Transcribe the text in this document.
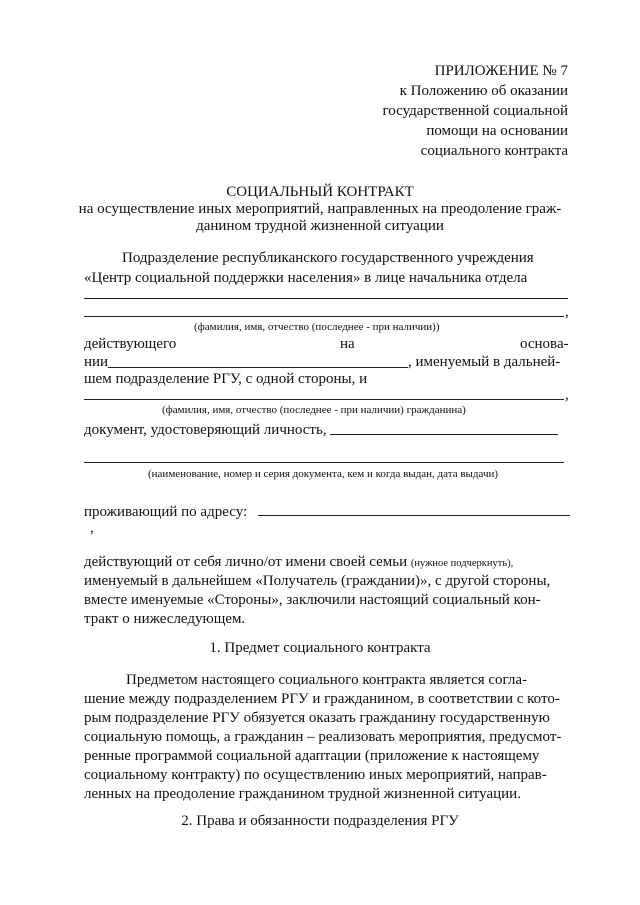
ПРИЛОЖЕНИЕ № 7
к Положению об оказании
государственной социальной
помощи на основании
социального контракта
СОЦИАЛЬНЫЙ КОНТРАКТ
на осуществление иных мероприятий, направленных на преодоление граж-
данином трудной жизненной ситуации
Подразделение республиканского государственного учреждения
«Центр социальной поддержки населения» в лице начальника отдела
,
(фамилия, имя, отчество (последнее - при наличии))
действующего	на	основа-
нии	, именуемый в дальней-
шем подразделение РГУ, с одной стороны, и
,
(фамилия, имя, отчество (последнее - при наличии) гражданина)
документ, удостоверяющий личность,
(наименование, номер и серия документа, кем и когда выдан, дата выдачи)
проживающий по адресу:
,
действующий от себя лично/от имени своей семьи (нужное подчеркнуть),
именуемый в дальнейшем «Получатель (граждании)», с другой стороны,
вместе именуемые «Стороны», заключили настоящий социальный кон-
тракт о нижеследующем.
1. Предмет социального контракта
Предметом настоящего социального контракта является согла-
шение между подразделением РГУ и гражданином, в соответствии с кото-
рым подразделение РГУ обязуется оказать гражданину государственную
социальную помощь, а гражданин – реализовать мероприятия, предусмот-
ренные программой социальной адаптации (приложение к настоящему
социальному контракту) по осуществлению иных мероприятий, направ-
ленных на преодоление гражданином трудной жизненной ситуации.
2. Права и обязанности подразделения РГУ
